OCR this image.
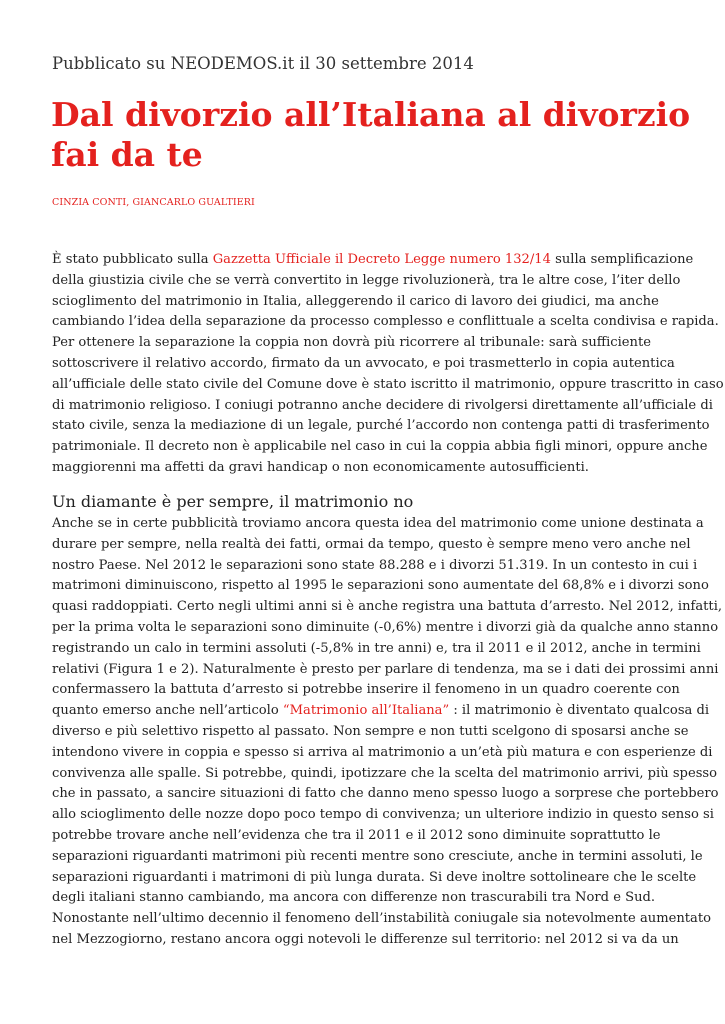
Pubblicato su NEODEMOS.it il 30 settembre 2014

Dal divorzio all’Italiana al divorzio fai da te

CINZIA CONTI, GIANCARLO GUALTIERI

È stato pubblicato sulla Gazzetta Ufficiale il Decreto Legge numero 132/14 sulla semplificazione
della giustizia civile che se verrà convertito in legge rivoluzionerà, tra le altre cose, l’iter dello
scioglimento del matrimonio in Italia, alleggerendo il carico di lavoro dei giudici, ma anche
cambiando l’idea della separazione da processo complesso e conflittuale a scelta condivisa e rapida.
Per ottenere la separazione la coppia non dovrà più ricorrere al tribunale: sarà sufficiente
sottoscrivere il relativo accordo, firmato da un avvocato, e poi trasmetterlo in copia autentica
all’ufficiale delle stato civile del Comune dove è stato iscritto il matrimonio, oppure trascritto in caso
di matrimonio religioso. I coniugi potranno anche decidere di rivolgersi direttamente all’ufficiale di
stato civile, senza la mediazione di un legale, purché l’accordo non contenga patti di trasferimento
patrimoniale. Il decreto non è applicabile nel caso in cui la coppia abbia figli minori, oppure anche
maggiorenni ma affetti da gravi handicap o non economicamente autosufficienti.
Un diamante è per sempre, il matrimonio no
Anche se in certe pubblicità troviamo ancora questa idea del matrimonio come unione destinata a
durare per sempre, nella realtà dei fatti, ormai da tempo, questo è sempre meno vero anche nel
nostro Paese. Nel 2012 le separazioni sono state 88.288 e i divorzi 51.319. In un contesto in cui i
matrimoni diminuiscono, rispetto al 1995 le separazioni sono aumentate del 68,8% e i divorzi sono
quasi raddoppiati. Certo negli ultimi anni si è anche registra una battuta d’arresto. Nel 2012, infatti,
per la prima volta le separazioni sono diminuite (-0,6%) mentre i divorzi già da qualche anno stanno
registrando un calo in termini assoluti (-5,8% in tre anni) e, tra il 2011 e il 2012, anche in termini
relativi (Figura 1 e 2). Naturalmente è presto per parlare di tendenza, ma se i dati dei prossimi anni
confermassero la battuta d’arresto si potrebbe inserire il fenomeno in un quadro coerente con
quanto emerso anche nell’articolo “Matrimonio all’Italiana” : il matrimonio è diventato qualcosa di
diverso e più selettivo rispetto al passato. Non sempre e non tutti scelgono di sposarsi anche se
intendono vivere in coppia e spesso si arriva al matrimonio a un’età più matura e con esperienze di
convivenza alle spalle. Si potrebbe, quindi, ipotizzare che la scelta del matrimonio arrivi, più spesso
che in passato, a sancire situazioni di fatto che danno meno spesso luogo a sorprese che portebbero
allo scioglimento delle nozze dopo poco tempo di convivenza; un ulteriore indizio in questo senso si
potrebbe trovare anche nell’evidenza che tra il 2011 e il 2012 sono diminuite soprattutto le
separazioni riguardanti matrimoni più recenti mentre sono cresciute, anche in termini assoluti, le
separazioni riguardanti i matrimoni di più lunga durata. Si deve inoltre sottolineare che le scelte
degli italiani stanno cambiando, ma ancora con differenze non trascurabili tra Nord e Sud.
Nonostante nell’ultimo decennio il fenomeno dell’instabilità coniugale sia notevolmente aumentato
nel Mezzogiorno, restano ancora oggi notevoli le differenze sul territorio: nel 2012 si va da un
